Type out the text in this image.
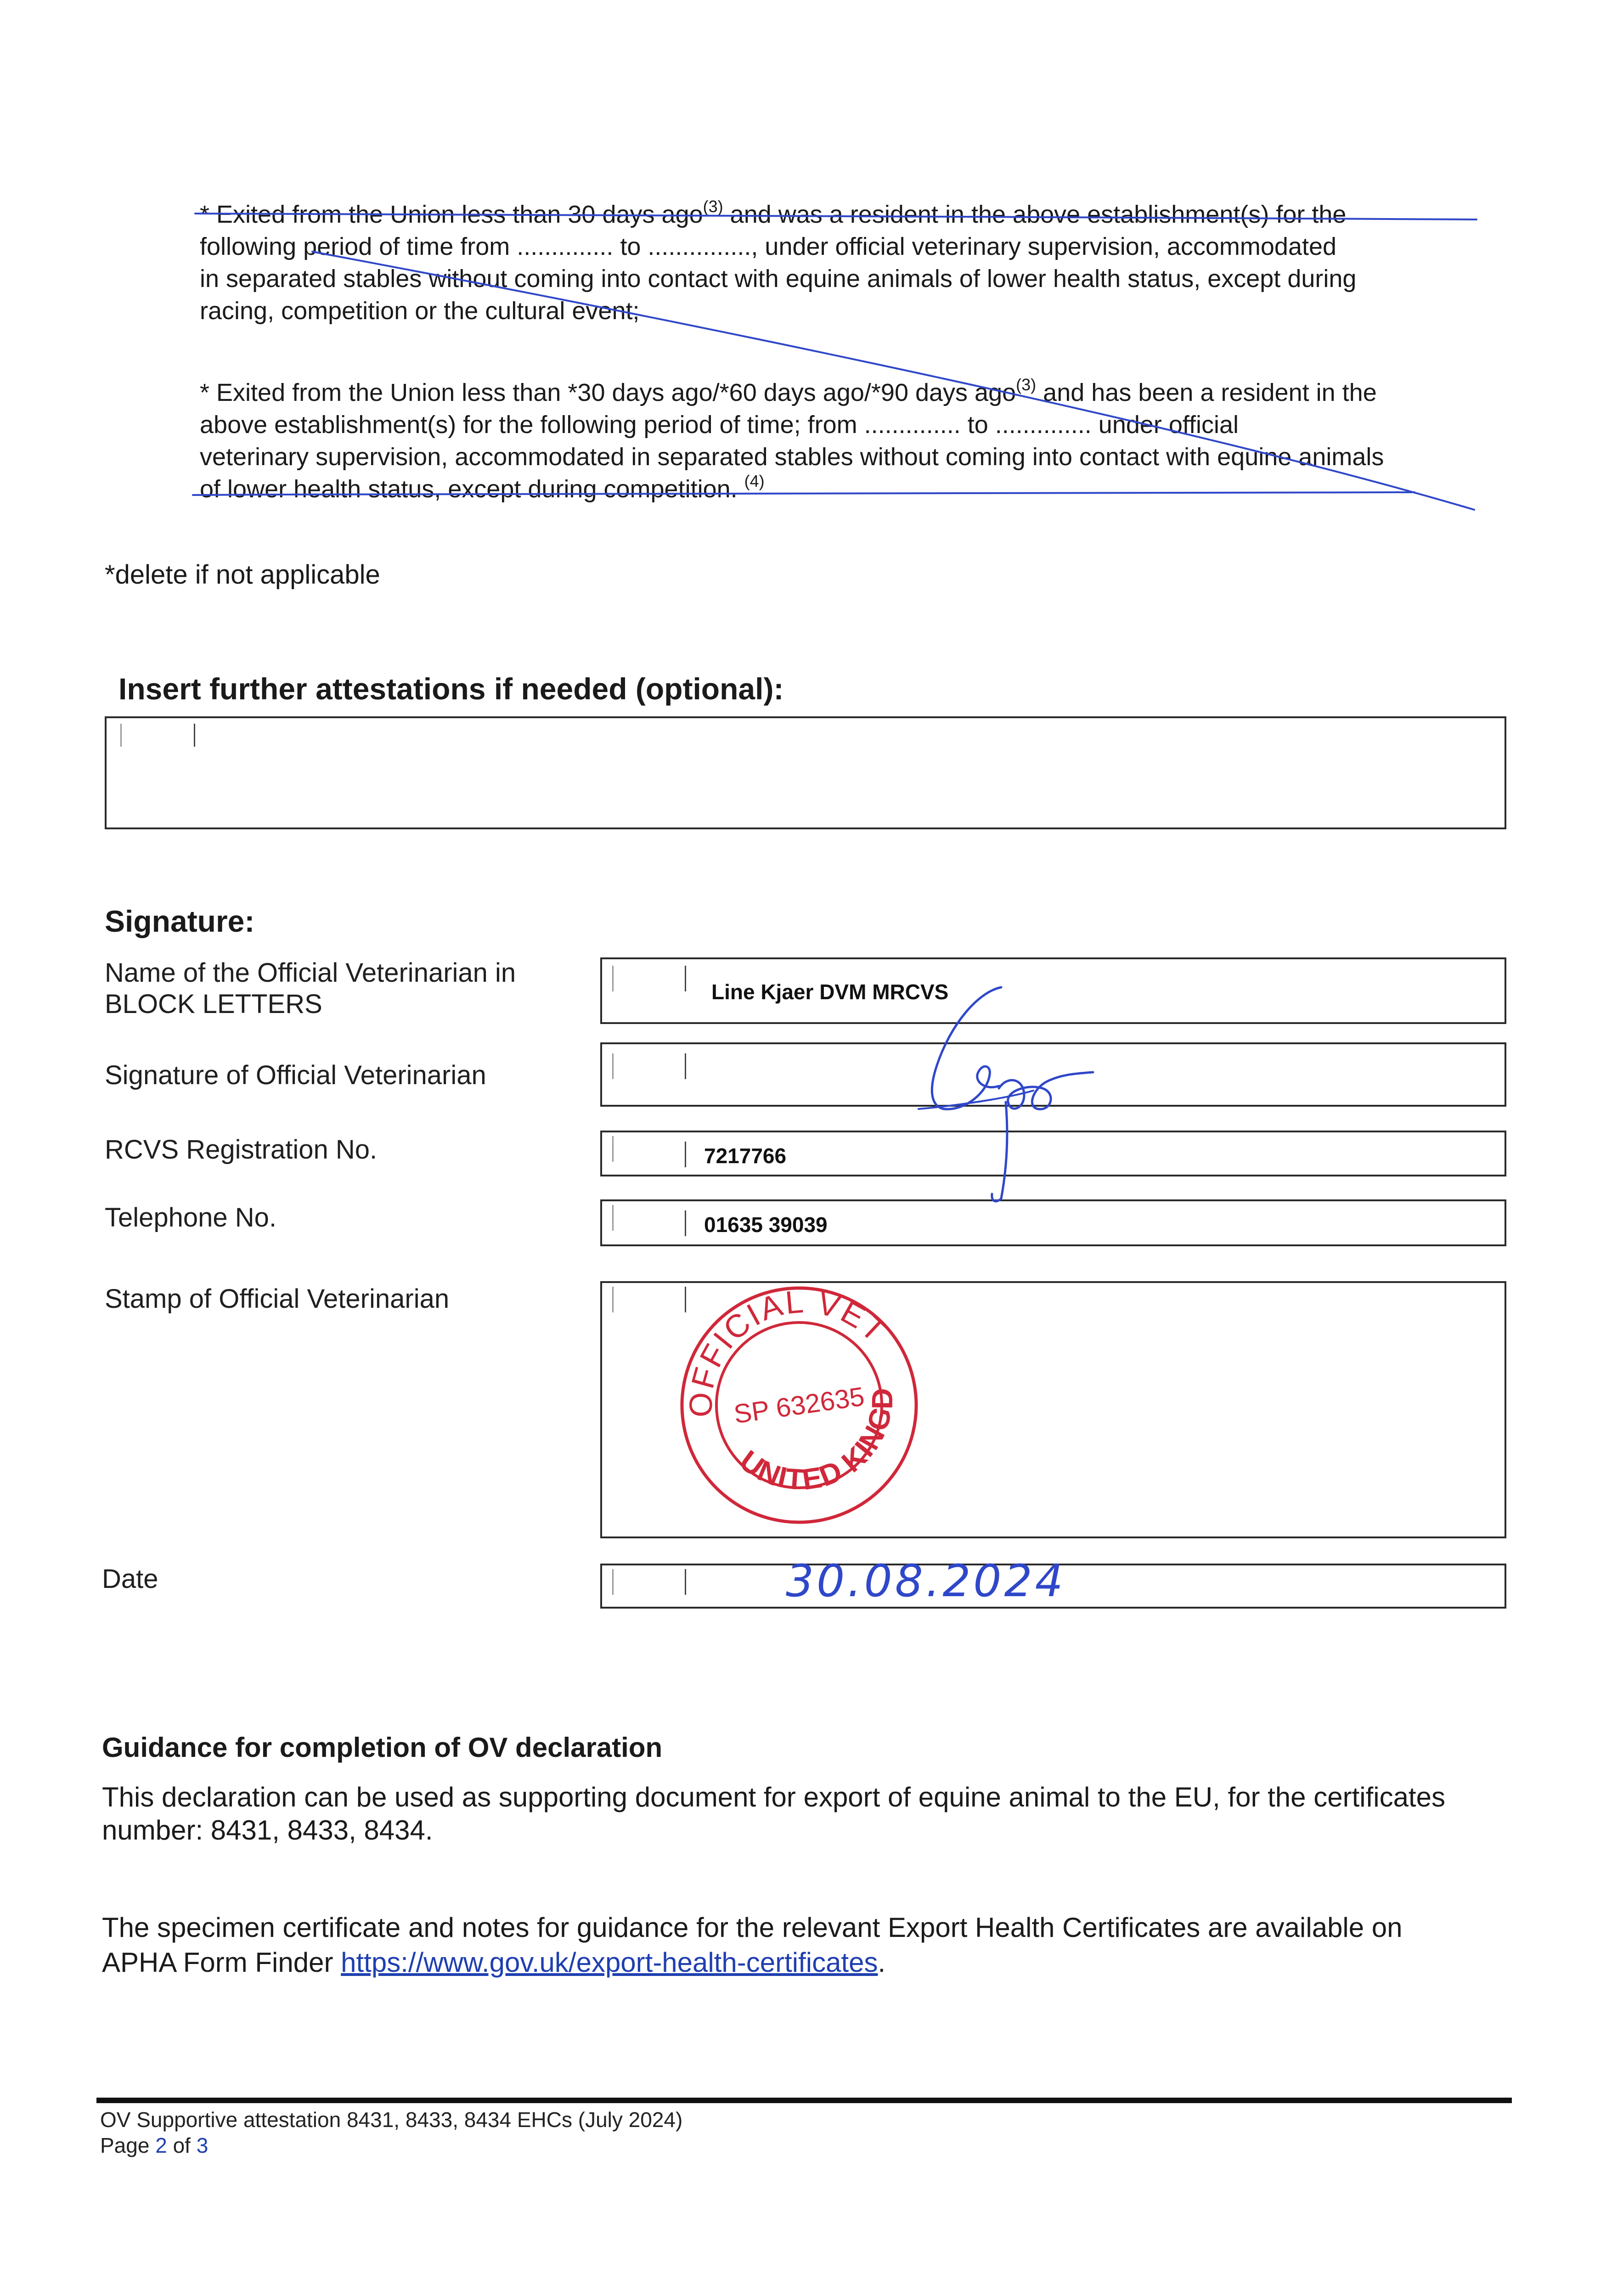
* Exited from the Union less than 30 days ago$^{(3)}$ and was a resident in the above establishment(s) for the
following period of time from .............. to ..............., under official veterinary supervision, accommodated
in separated stables without coming into contact with equine animals of lower health status, except during
racing, competition or the cultural event;
* Exited from the Union less than *30 days ago/*60 days ago/*90 days ago$^{(3)}$ and has been a resident in the
above establishment(s) for the following period of time; from .............. to .............. under official
veterinary supervision, accommodated in separated stables without coming into contact with equine animals
of lower health status, except during competition. $^{(4)}$
*delete if not applicable
Insert further attestations if needed (optional):
Signature:
Name of the Official Veterinarian in
BLOCK LETTERS	Line Kjaer DVM MRCVS
Signature of Official Veterinarian
RCVS Registration No.	7217766
Telephone No.	01635 39039
Stamp of Official Veterinarian
OFFICIAL VETERINARIAN
UNITED KINGDOM
SP 632635
Date	30.08.2024
Guidance for completion of OV declaration
This declaration can be used as supporting document for export of equine animal to the EU, for the certificates
number: 8431, 8433, 8434.
The specimen certificate and notes for guidance for the relevant Export Health Certificates are available on
APHA Form Finder https://www.gov.uk/export-health-certificates.
OV Supportive attestation 8431, 8433, 8434 EHCs (July 2024)
Page 2 of 3
